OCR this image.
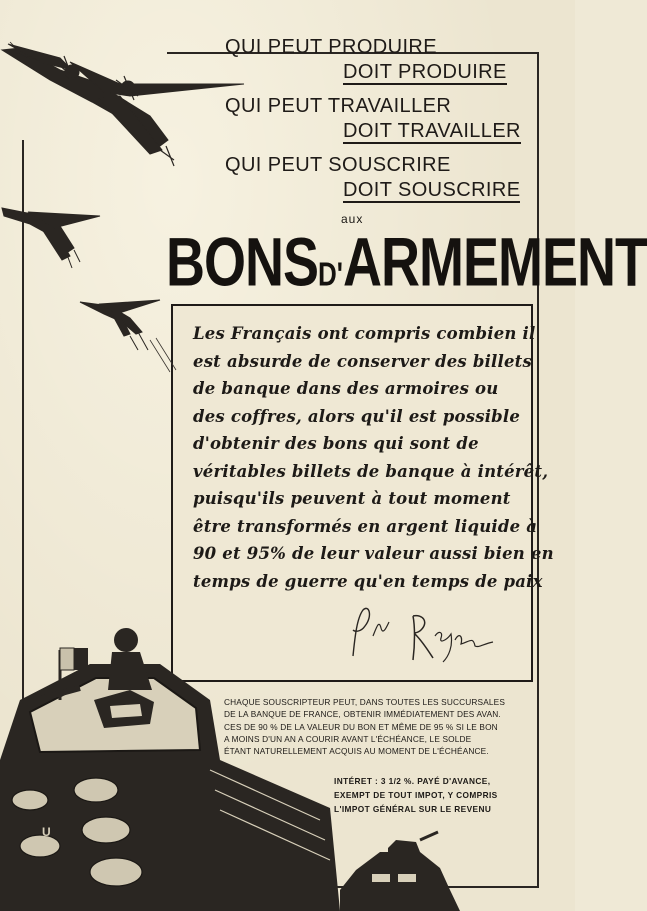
QUI PEUT PRODUIRE
DOIT PRODUIRE
QUI PEUT TRAVAILLER
DOIT TRAVAILLER
QUI PEUT SOUSCRIRE
DOIT SOUSCRIRE
aux
BONSD'ARMEMENT
Les Français ont compris combien il
est absurde de conserver des billets
de banque dans des armoires ou
des coffres, alors qu'il est possible
d'obtenir des bons qui sont de
véritables billets de banque à intérêt,
puisqu'ils peuvent à tout moment
être transformés en argent liquide à
90 et 95% de leur valeur aussi bien en
temps de guerre qu'en temps de paix
CHAQUE SOUSCRIPTEUR PEUT, DANS TOUTES LES SUCCURSALES
DE LA BANQUE DE FRANCE, OBTENIR IMMÉDIATEMENT DES AVAN.
CES DE 90 % DE LA VALEUR DU BON ET MÊME DE 95 % SI LE BON
A MOINS D'UN AN A COURIR AVANT L'ÉCHÉANCE, LE SOLDE
ÉTANT NATURELLEMENT ACQUIS AU MOMENT DE L'ÉCHÉANCE.
INTÉRET : 3 1/2 %. PAYÉ D'AVANCE,
EXEMPT DE TOUT IMPOT, Y COMPRIS
L'IMPOT GÉNÉRAL SUR LE REVENU
U
